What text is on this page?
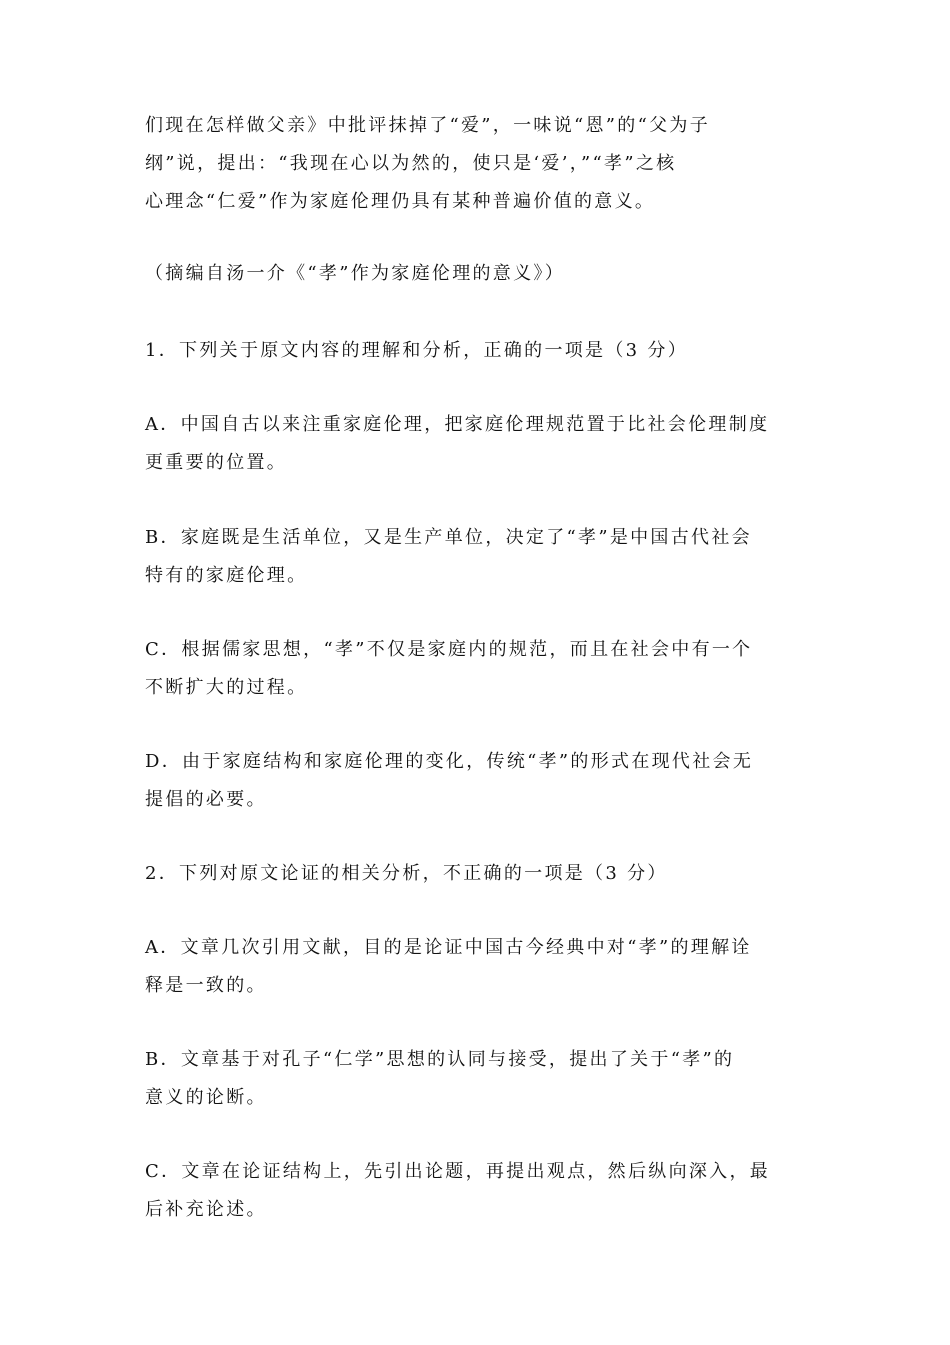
们现在怎样做父亲》中批评抹掉了“爱”，一味说“恩”的“父为子
纲”说，提出：“我现在心以为然的，使只是‘爱’，”“孝”之核
心理念“仁爱”作为家庭伦理仍具有某种普遍价值的意义。

（摘编自汤一介《“孝”作为家庭伦理的意义》）

1．下列关于原文内容的理解和分析，正确的一项是（3 分）

A．中国自古以来注重家庭伦理，把家庭伦理规范置于比社会伦理制度
更重要的位置。

B．家庭既是生活单位，又是生产单位，决定了“孝”是中国古代社会
特有的家庭伦理。

C．根据儒家思想，“孝”不仅是家庭内的规范，而且在社会中有一个
不断扩大的过程。

D．由于家庭结构和家庭伦理的变化，传统“孝”的形式在现代社会无
提倡的必要。

2．下列对原文论证的相关分析，不正确的一项是（3 分）

A．文章几次引用文献，目的是论证中国古今经典中对“孝”的理解诠
释是一致的。

B．文章基于对孔子“仁学”思想的认同与接受，提出了关于“孝”的
意义的论断。

C．文章在论证结构上，先引出论题，再提出观点，然后纵向深入，最
后补充论述。
